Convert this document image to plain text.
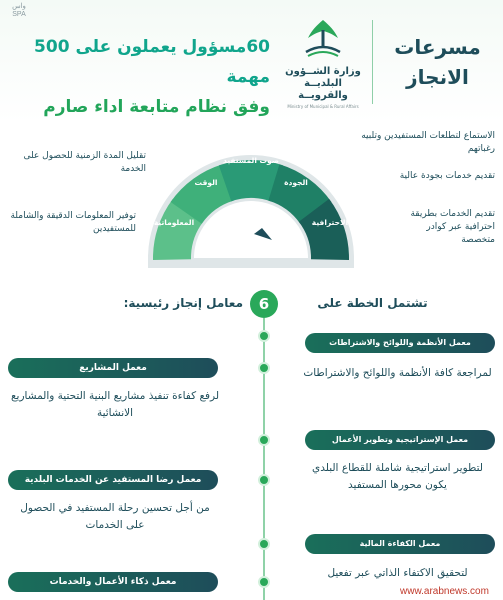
واس
SPA
60مسؤول يعملون على 500 مهمة
وفق نظام متابعة اداء صارم
وزارة الشــؤون البلديــة والقرويــة
Ministry of Municipal & Rural Affairs
مسرعات
الانجاز
تقليل المدة الزمنية للحصول على الخدمة
توفير المعلومات الدقيقة والشاملة للمستفيدين
الاستماع لتطلعات المستفيدين وتلبيه رغباتهم
تقديم خدمات بجودة عالية
تقديم الخدمات بطريقة احترافية عبر كوادر متخصصة
المعلوماتية
الوقت
صوت المستفيد
الجودة
الاحترافية
6	تشتمل الخطة على
معامل إنجاز رئيسية:
معمل الأنظمة واللوائح والاشتراطات
لمراجعة كافة الأنظمة واللوائح والاشتراطات
معمل المشاريع
لرفع كفاءة تنفيذ مشاريع البنية التحتية والمشاريع الانشائية
معمل الإستراتيجية وتطوير الأعمال
لتطوير استراتيجية شاملة للقطاع البلدي يكون محورها المستفيد
معمل رضا المستفيد عن الخدمات البلدية
من أجل تحسين رحلة المستفيد في الحصول على الخدمات
معمل الكفاءة المالية
لتحقيق الاكتفاء الذاتي عبر تفعيل
معمل ذكاء الأعمال والخدمات
www.arabnews.com
